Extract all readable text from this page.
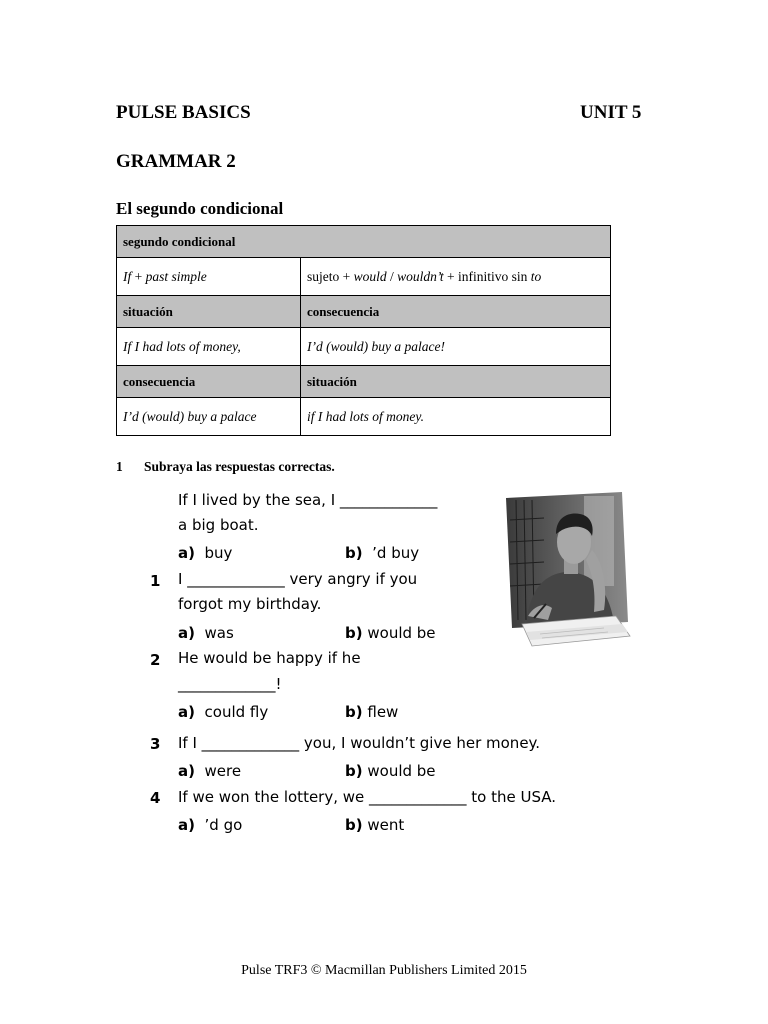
PULSE BASICS	UNIT 5
GRAMMAR 2
El segundo condicional
segundo condicional	
If + past simple	sujeto + would / wouldn’t + infinitivo sin to
situación	consecuencia
If I had lots of money,	I’d (would) buy a palace!
consecuencia	situación
I’d (would) buy a palace	if I had lots of money.
1 Subraya las respuestas correctas.
If I lived by the sea, I _____________
a big boat.
a) buy	b) ’d buy
1 I _____________ very angry if you
forgot my birthday.
a) was	b) would be
2 He would be happy if he
_____________!
a) could fly	b) flew
3 If I _____________ you, I wouldn’t give her money.
a) were	b) would be
4 If we won the lottery, we _____________ to the USA.
a) ’d go	b) went
Pulse TRF3 © Macmillan Publishers Limited 2015
